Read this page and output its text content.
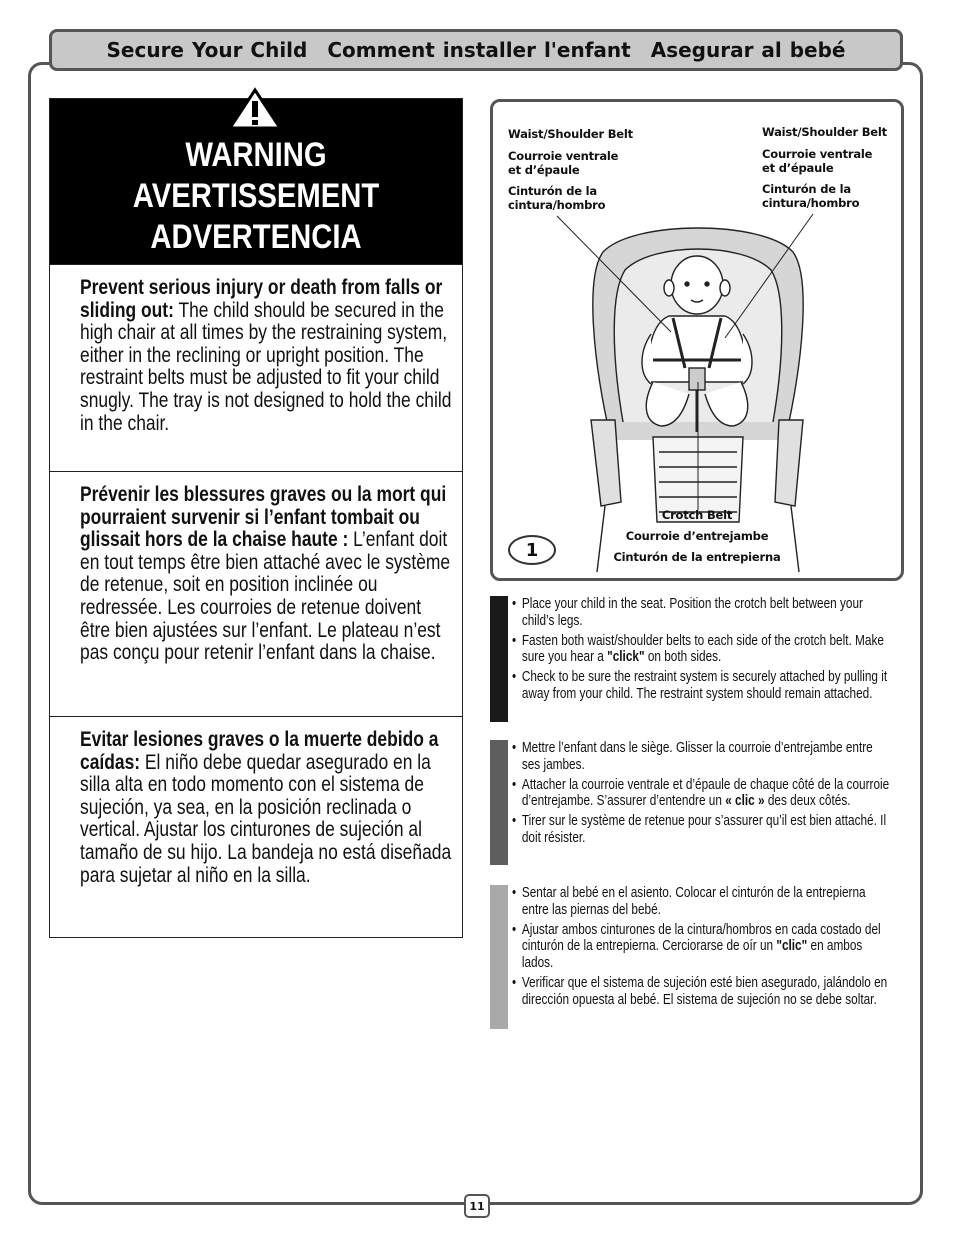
Secure Your Child Comment installer l'enfant Asegurar al bebé
WARNING
AVERTISSEMENT
ADVERTENCIA
Prevent serious injury or death from falls or sliding out: The child should be secured in the high chair at all times by the restraining system, either in the reclining or upright position. The restraint belts must be adjusted to fit your child snugly. The tray is not designed to hold the child in the chair.
Prévenir les blessures graves ou la mort qui pourraient survenir si l’enfant tombait ou glissait hors de la chaise haute : L’enfant doit en tout temps être bien attaché avec le système de retenue, soit en position inclinée ou redressée. Les courroies de retenue doivent être bien ajustées sur l’enfant. Le plateau n’est pas conçu pour retenir l’enfant dans la chaise.
Evitar lesiones graves o la muerte debido a caídas: El niño debe quedar asegurado en la silla alta en todo momento con el sistema de sujeción, ya sea, en la posición reclinada o vertical. Ajustar los cinturones de sujeción al tamaño de su hijo. La bandeja no está diseñada para sujetar al niño en la silla.
Waist/Shoulder Belt
Courroie ventrale et d’épaule
Cinturón de la cintura/hombro
Waist/Shoulder Belt
Courroie ventrale et d’épaule
Cinturón de la cintura/hombro
Crotch Belt
Courroie d’entrejambe
Cinturón de la entrepierna
1
• Place your child in the seat. Position the crotch belt between your child’s legs.
• Fasten both waist/shoulder belts to each side of the crotch belt. Make sure you hear a "click" on both sides.
• Check to be sure the restraint system is securely attached by pulling it away from your child. The restraint system should remain attached.
• Mettre l’enfant dans le siège. Glisser la courroie d’entrejambe entre ses jambes.
• Attacher la courroie ventrale et d’épaule de chaque côté de la courroie d’entrejambe. S’assurer d’entendre un « clic » des deux côtés.
• Tirer sur le système de retenue pour s’assurer qu’il est bien attaché. Il doit résister.
• Sentar al bebé en el asiento. Colocar el cinturón de la entrepierna entre las piernas del bebé.
• Ajustar ambos cinturones de la cintura/hombros en cada costado del cinturón de la entrepierna. Cerciorarse de oír un "clic" en ambos lados.
• Verificar que el sistema de sujeción esté bien asegurado, jalándolo en dirección opuesta al bebé. El sistema de sujeción no se debe soltar.
11
